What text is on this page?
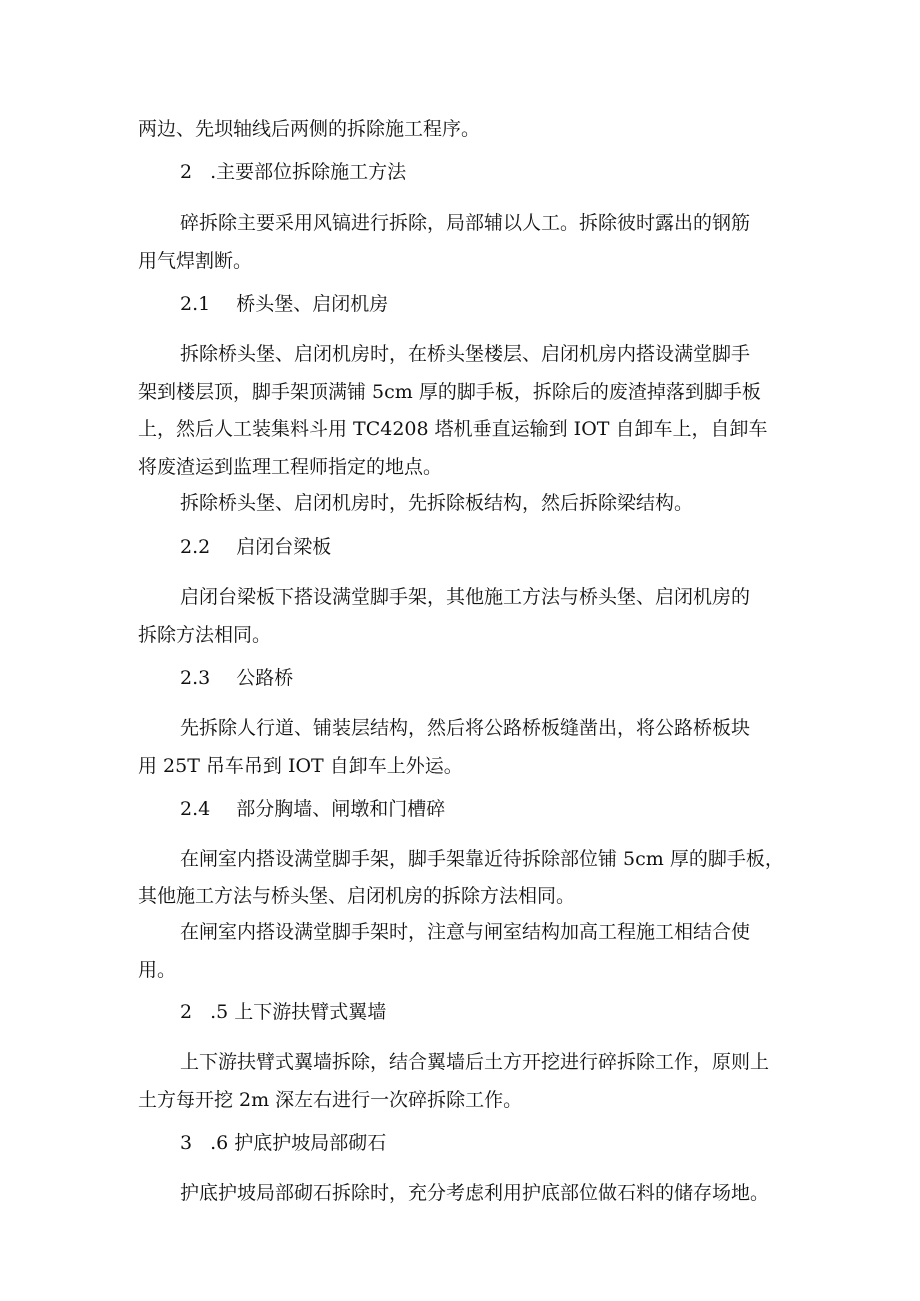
两边、先坝轴线后两侧的拆除施工程序。
2 .主要部位拆除施工方法
碎拆除主要采用风镐进行拆除，局部辅以人工。拆除彼时露出的钢筋
用气焊割断。
2.1 桥头堡、启闭机房
拆除桥头堡、启闭机房时，在桥头堡楼层、启闭机房内搭设满堂脚手
架到楼层顶，脚手架顶满铺 5cm 厚的脚手板，拆除后的废渣掉落到脚手板
上，然后人工装集料斗用 TC4208 塔机垂直运输到 IOT 自卸车上，自卸车
将废渣运到监理工程师指定的地点。
拆除桥头堡、启闭机房时，先拆除板结构，然后拆除梁结构。
2.2 启闭台梁板
启闭台梁板下搭设满堂脚手架，其他施工方法与桥头堡、启闭机房的
拆除方法相同。
2.3 公路桥
先拆除人行道、铺装层结构，然后将公路桥板缝凿出，将公路桥板块
用 25T 吊车吊到 IOT 自卸车上外运。
2.4 部分胸墙、闸墩和门槽碎
在闸室内搭设满堂脚手架，脚手架靠近待拆除部位铺 5cm 厚的脚手板，
其他施工方法与桥头堡、启闭机房的拆除方法相同。
在闸室内搭设满堂脚手架时，注意与闸室结构加高工程施工相结合使
用。
2 .5 上下游扶臂式翼墙
上下游扶臂式翼墙拆除，结合翼墙后土方开挖进行碎拆除工作，原则上
土方每开挖 2m 深左右进行一次碎拆除工作。
3 .6 护底护坡局部砌石
护底护坡局部砌石拆除时，充分考虑利用护底部位做石料的储存场地。
